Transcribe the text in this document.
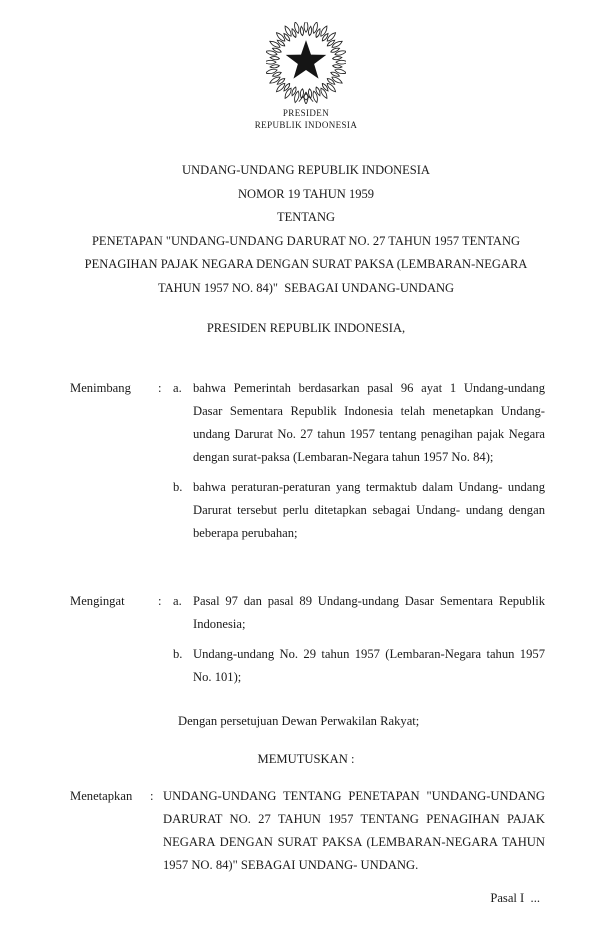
PRESIDEN
REPUBLIK INDONESIA
UNDANG-UNDANG REPUBLIK INDONESIA
NOMOR 19 TAHUN 1959
TENTANG
PENETAPAN "UNDANG-UNDANG DARURAT NO. 27 TAHUN 1957 TENTANG
PENAGIHAN PAJAK NEGARA DENGAN SURAT PAKSA (LEMBARAN-NEGARA
TAHUN 1957 NO. 84)"  SEBAGAI UNDANG-UNDANG
PRESIDEN REPUBLIK INDONESIA,
Menimbang	: a. bahwa Pemerintah berdasarkan pasal 96 ayat 1 Undang-undang Dasar Sementara Republik Indonesia telah menetapkan Undang-undang Darurat No. 27 tahun 1957 tentang penagihan pajak Negara dengan surat-paksa (Lembaran-Negara tahun 1957 No. 84);

b. bahwa peraturan-peraturan yang termaktub dalam Undang- undang Darurat tersebut perlu ditetapkan sebagai Undang- undang dengan beberapa perubahan;

Mengingat	: a. Pasal 97 dan pasal 89 Undang-undang Dasar Sementara Republik Indonesia;

b. Undang-undang No. 29 tahun 1957 (Lembaran-Negara tahun 1957 No. 101);

Dengan persetujuan Dewan Perwakilan Rakyat;
MEMUTUSKAN :
Menetapkan	: UNDANG-UNDANG TENTANG PENETAPAN "UNDANG-UNDANG DARURAT NO. 27 TAHUN 1957 TENTANG PENAGIHAN PAJAK NEGARA DENGAN SURAT PAKSA (LEMBARAN-NEGARA TAHUN 1957 NO. 84)" SEBAGAI UNDANG- UNDANG.

Pasal I  ...
